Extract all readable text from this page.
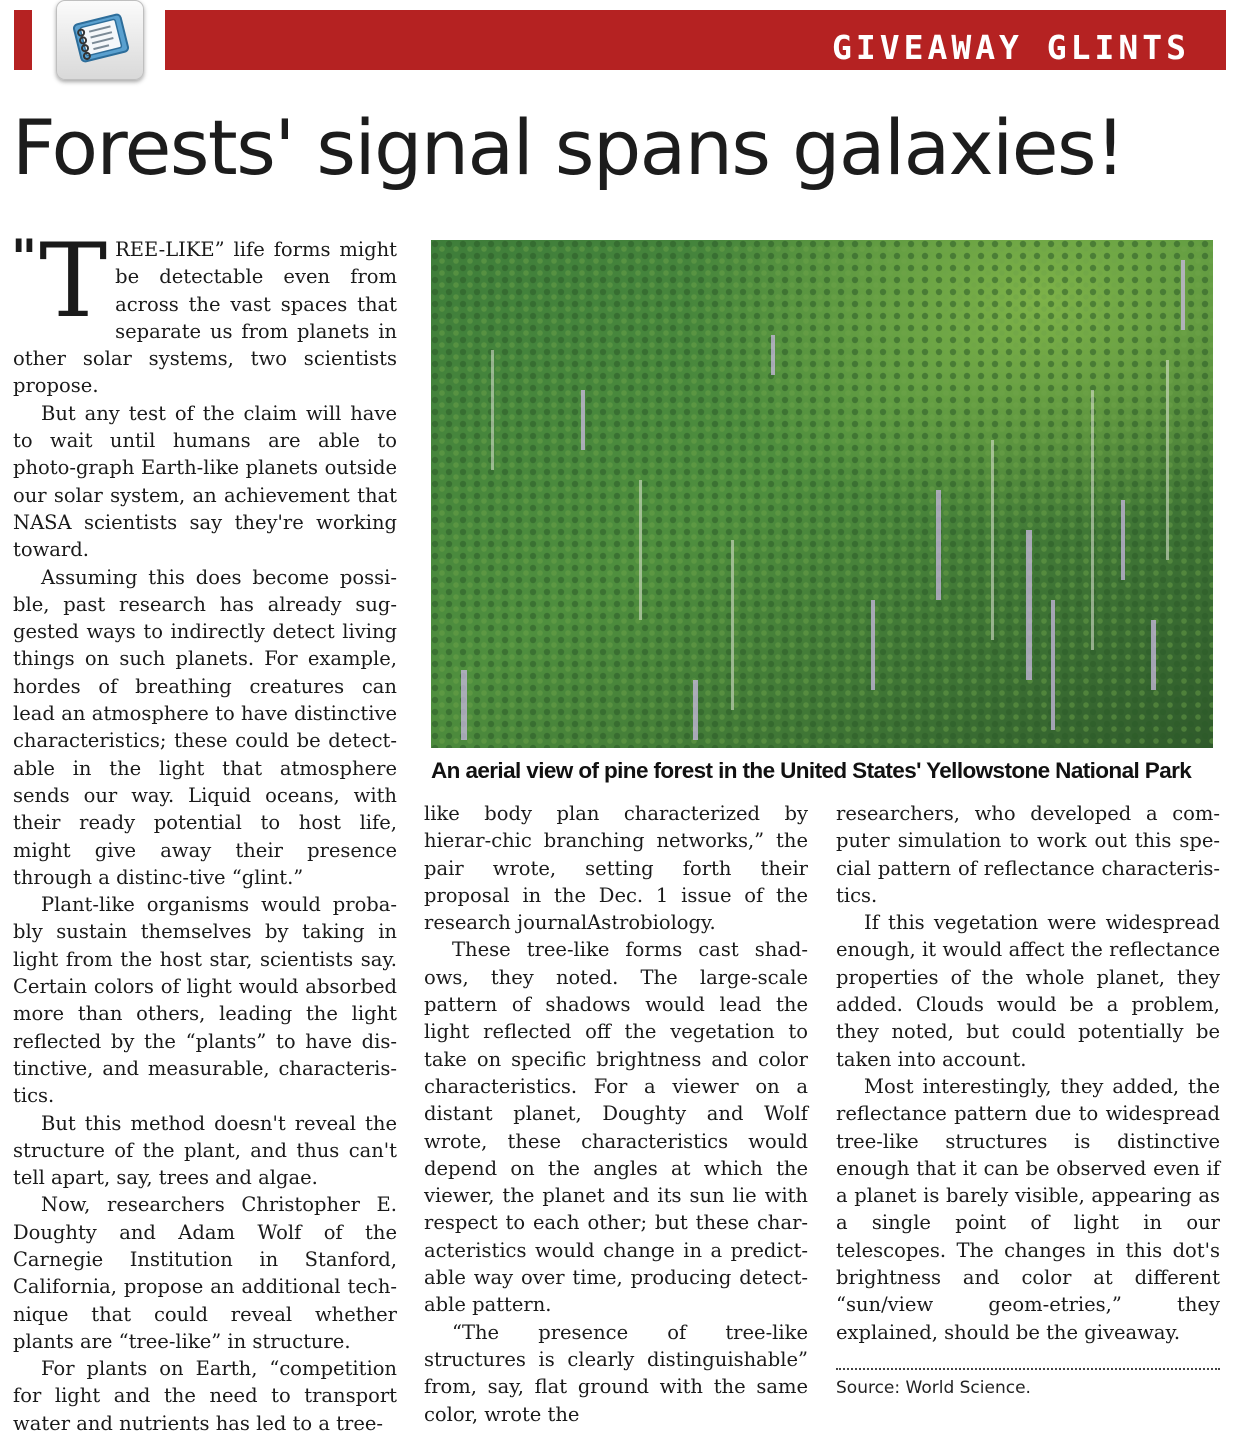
GIVEAWAY GLINTS
Forests' signal spans galaxies!

" T REE-LIKE” life forms might be detectable even from across the vast spaces that separate us from planets in other solar systems, two scientists propose.

But any test of the claim will have to wait until humans are able to photo-graph Earth-like planets outside our solar system, an achievement that NASA scientists say they're working toward.

Assuming this does become possi-ble, past research has already sug-gested ways to indirectly detect living things on such planets. For example, hordes of breathing creatures can lead an atmosphere to have distinctive characteristics; these could be detect-able in the light that atmosphere sends our way. Liquid oceans, with their ready potential to host life, might give away their presence through a distinc-tive “glint.”

Plant-like organisms would proba-bly sustain themselves by taking in light from the host star, scientists say. Certain colors of light would absorbed more than others, leading the light reflected by the “plants” to have dis-tinctive, and measurable, characteris-tics.

But this method doesn't reveal the structure of the plant, and thus can't tell apart, say, trees and algae.

Now, researchers Christopher E. Doughty and Adam Wolf of the Carnegie Institution in Stanford, California, propose an additional tech-nique that could reveal whether plants are “tree-like” in structure.

For plants on Earth, “competition for light and the need to transport water and nutrients has led to a tree-

An aerial view of pine forest in the United States' Yellowstone National Park

like body plan characterized by hierar-chic branching networks,” the pair wrote, setting forth their proposal in the Dec. 1 issue of the research journalAstrobiology.

These tree-like forms cast shad-ows, they noted. The large-scale pattern of shadows would lead the light reflected off the vegetation to take on specific brightness and color characteristics. For a viewer on a distant planet, Doughty and Wolf wrote, these characteristics would depend on the angles at which the viewer, the planet and its sun lie with respect to each other; but these char-acteristics would change in a predict-able way over time, producing detect-able pattern.

“The presence of tree-like structures is clearly distinguishable” from, say, flat ground with the same color, wrote the

researchers, who developed a com-puter simulation to work out this spe-cial pattern of reflectance characteris-tics.

If this vegetation were widespread enough, it would affect the reflectance properties of the whole planet, they added. Clouds would be a problem, they noted, but could potentially be taken into account.

Most interestingly, they added, the reflectance pattern due to widespread tree-like structures is distinctive enough that it can be observed even if a planet is barely visible, appearing as a single point of light in our telescopes. The changes in this dot's brightness and color at different “sun/view geom-etries,” they explained, should be the giveaway.

Source: World Science.
